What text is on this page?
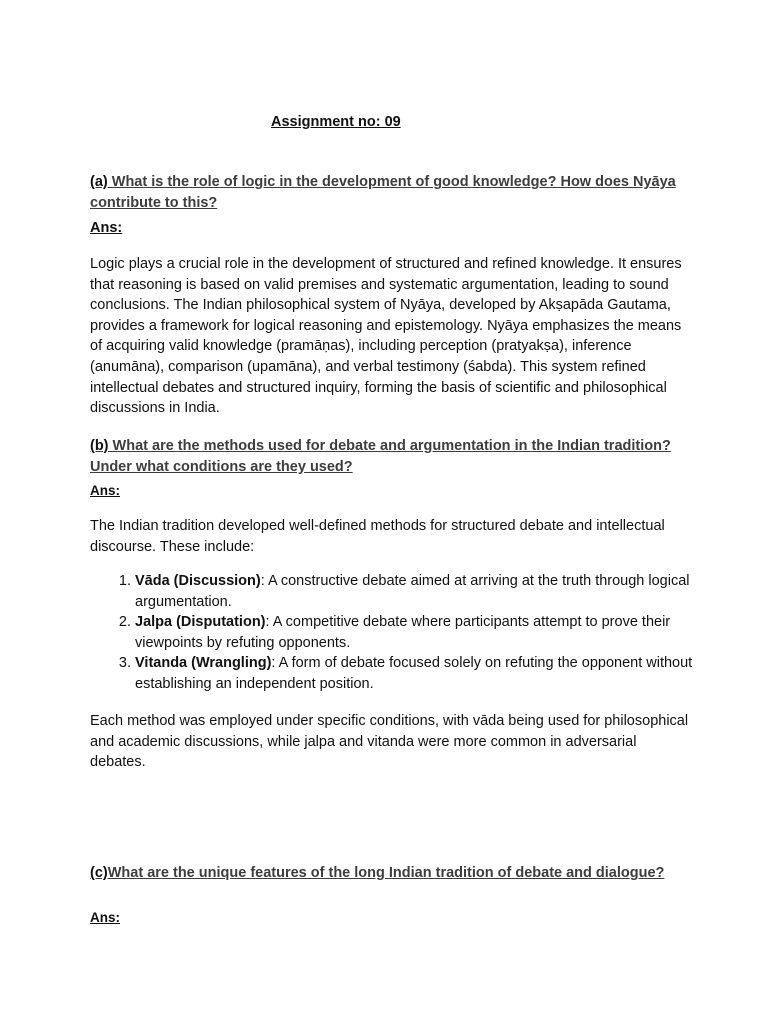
Assignment no: 09

(a) What is the role of logic in the development of good knowledge? How does Nyāya contribute to this?

Ans:

Logic plays a crucial role in the development of structured and refined knowledge. It ensures that reasoning is based on valid premises and systematic argumentation, leading to sound conclusions. The Indian philosophical system of Nyāya, developed by Akṣapāda Gautama, provides a framework for logical reasoning and epistemology. Nyāya emphasizes the means of acquiring valid knowledge (pramāṇas), including perception (pratyakṣa), inference (anumāna), comparison (upamāna), and verbal testimony (śabda). This system refined intellectual debates and structured inquiry, forming the basis of scientific and philosophical discussions in India.

(b) What are the methods used for debate and argumentation in the Indian tradition? Under what conditions are they used?

Ans:

The Indian tradition developed well-defined methods for structured debate and intellectual discourse. These include:

1. Vāda (Discussion): A constructive debate aimed at arriving at the truth through logical argumentation.
2. Jalpa (Disputation): A competitive debate where participants attempt to prove their viewpoints by refuting opponents.
3. Vitanda (Wrangling): A form of debate focused solely on refuting the opponent without establishing an independent position.

Each method was employed under specific conditions, with vāda being used for philosophical and academic discussions, while jalpa and vitanda were more common in adversarial debates.

(c)What are the unique features of the long Indian tradition of debate and dialogue?

Ans:
